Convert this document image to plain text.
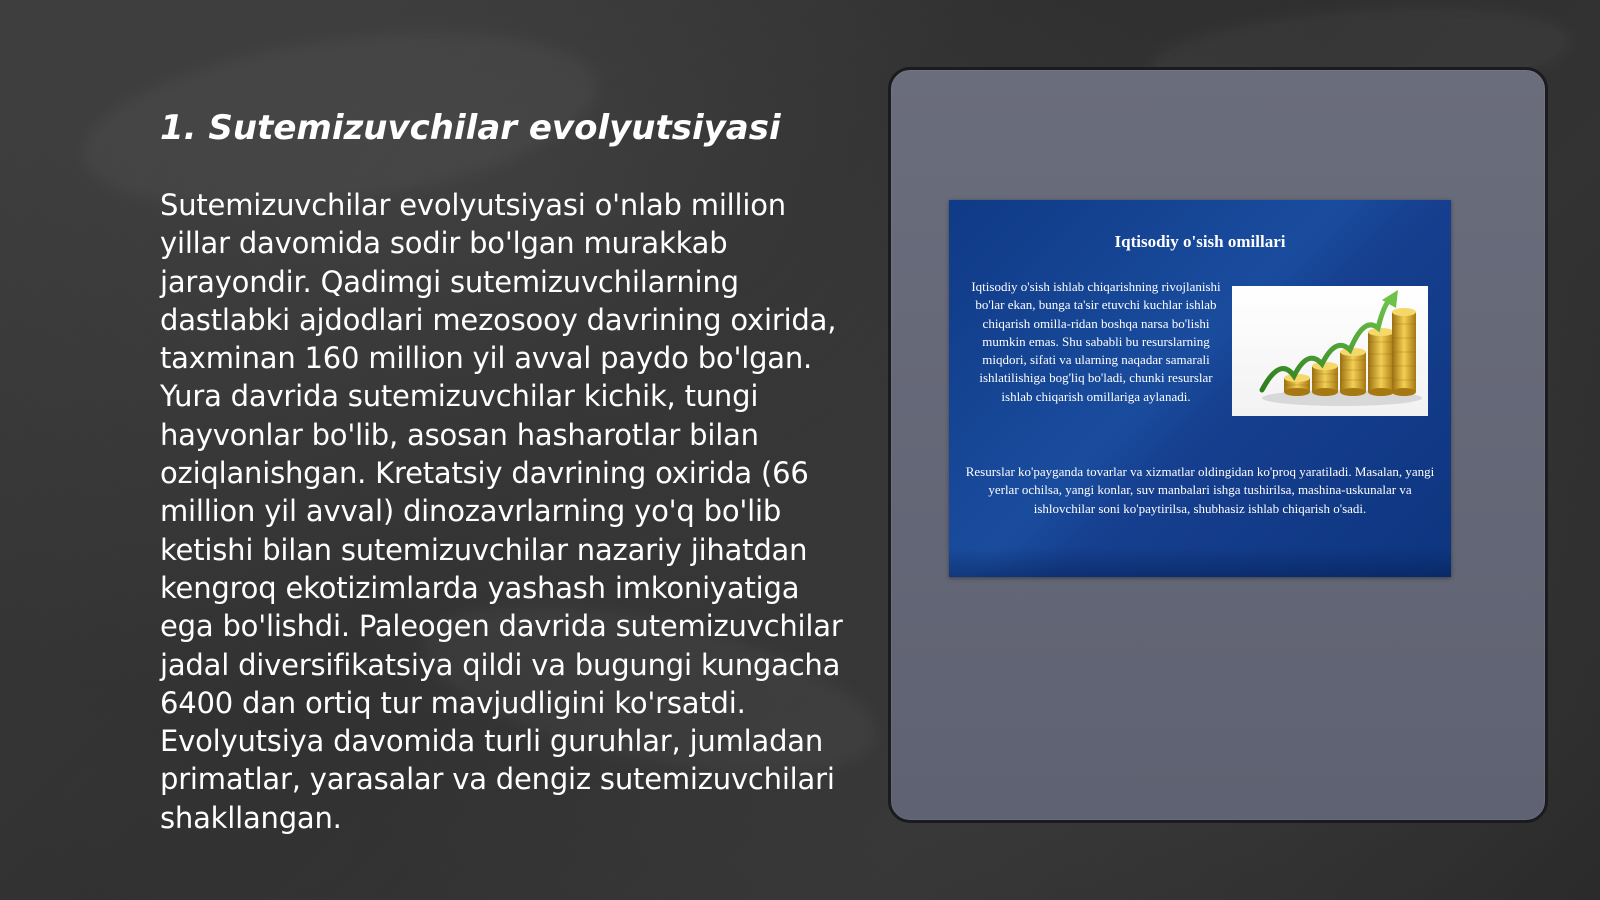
1. Sutemizuvchilar evolyutsiyasi

Sutemizuvchilar evolyutsiyasi o'nlab million yillar davomida sodir bo'lgan murakkab jarayondir. Qadimgi sutemizuvchilarning dastlabki ajdodlari mezosooy davrining oxirida, taxminan 160 million yil avval paydo bo'lgan. Yura davrida sutemizuvchilar kichik, tungi hayvonlar bo'lib, asosan hasharotlar bilan oziqlanishgan. Kretatsiy davrining oxirida (66 million yil avval) dinozavrlarning yo'q bo'lib ketishi bilan sutemizuvchilar nazariy jihatdan kengroq ekotizimlarda yashash imkoniyatiga ega bo'lishdi. Paleogen davrida sutemizuvchilar jadal diversifikatsiya qildi va bugungi kungacha 6400 dan ortiq tur mavjudligini ko'rsatdi. Evolyutsiya davomida turli guruhlar, jumladan primatlar, yarasalar va dengiz sutemizuvchilari shakllangan.

Iqtisodiy o'sish omillari

Iqtisodiy o'sish ishlab chiqarishning rivojlanishi bo'lar ekan, bunga ta'sir etuvchi kuchlar ishlab chiqarish omilla-ridan boshqa narsa bo'lishi mumkin emas. Shu sababli bu resurslarning miqdori, sifati va ularning naqadar samarali ishlatilishiga bog'liq bo'ladi, chunki resurslar ishlab chiqarish omillariga aylanadi.

Resurslar ko'payganda tovarlar va xizmatlar oldingidan ko'proq yaratiladi. Masalan, yangi yerlar ochilsa, yangi konlar, suv manbalari ishga tushirilsa, mashina-uskunalar va ishlovchilar soni ko'paytirilsa, shubhasiz ishlab chiqarish o'sadi.
